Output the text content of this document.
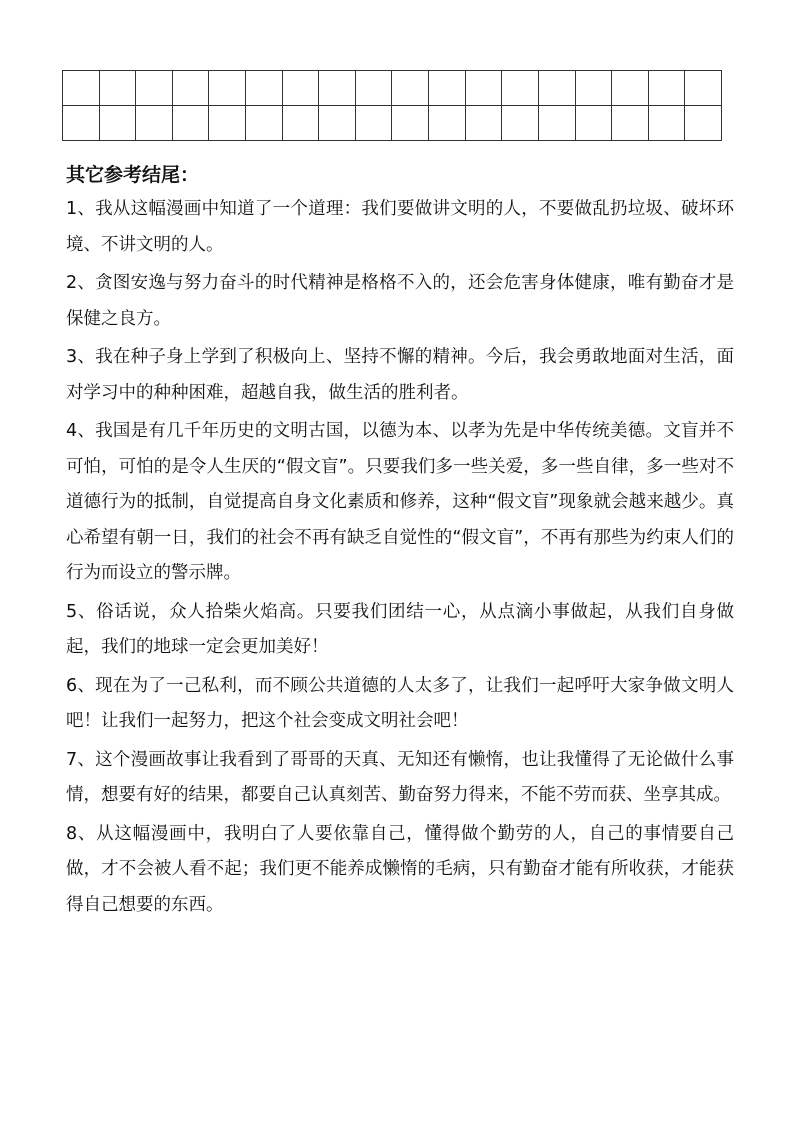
其它参考结尾：
1、我从这幅漫画中知道了一个道理：我们要做讲文明的人，不要做乱扔垃圾、破坏环境、不讲文明的人。
2、贪图安逸与努力奋斗的时代精神是格格不入的，还会危害身体健康，唯有勤奋才是保健之良方。
3、我在种子身上学到了积极向上、坚持不懈的精神。今后，我会勇敢地面对生活，面对学习中的种种困难，超越自我，做生活的胜利者。
4、我国是有几千年历史的文明古国，以德为本、以孝为先是中华传统美德。文盲并不可怕，可怕的是令人生厌的“假文盲”。只要我们多一些关爱，多一些自律，多一些对不道德行为的抵制，自觉提高自身文化素质和修养，这种“假文盲”现象就会越来越少。真心希望有朝一日，我们的社会不再有缺乏自觉性的“假文盲”，不再有那些为约束人们的行为而设立的警示牌。
5、俗话说，众人拾柴火焰高。只要我们团结一心，从点滴小事做起，从我们自身做起，我们的地球一定会更加美好！
6、现在为了一己私利，而不顾公共道德的人太多了，让我们一起呼吁大家争做文明人吧！让我们一起努力，把这个社会变成文明社会吧！
7、这个漫画故事让我看到了哥哥的天真、无知还有懒惰，也让我懂得了无论做什么事情，想要有好的结果，都要自己认真刻苦、勤奋努力得来，不能不劳而获、坐享其成。
8、从这幅漫画中，我明白了人要依靠自己，懂得做个勤劳的人，自己的事情要自己做，才不会被人看不起；我们更不能养成懒惰的毛病，只有勤奋才能有所收获，才能获得自己想要的东西。
